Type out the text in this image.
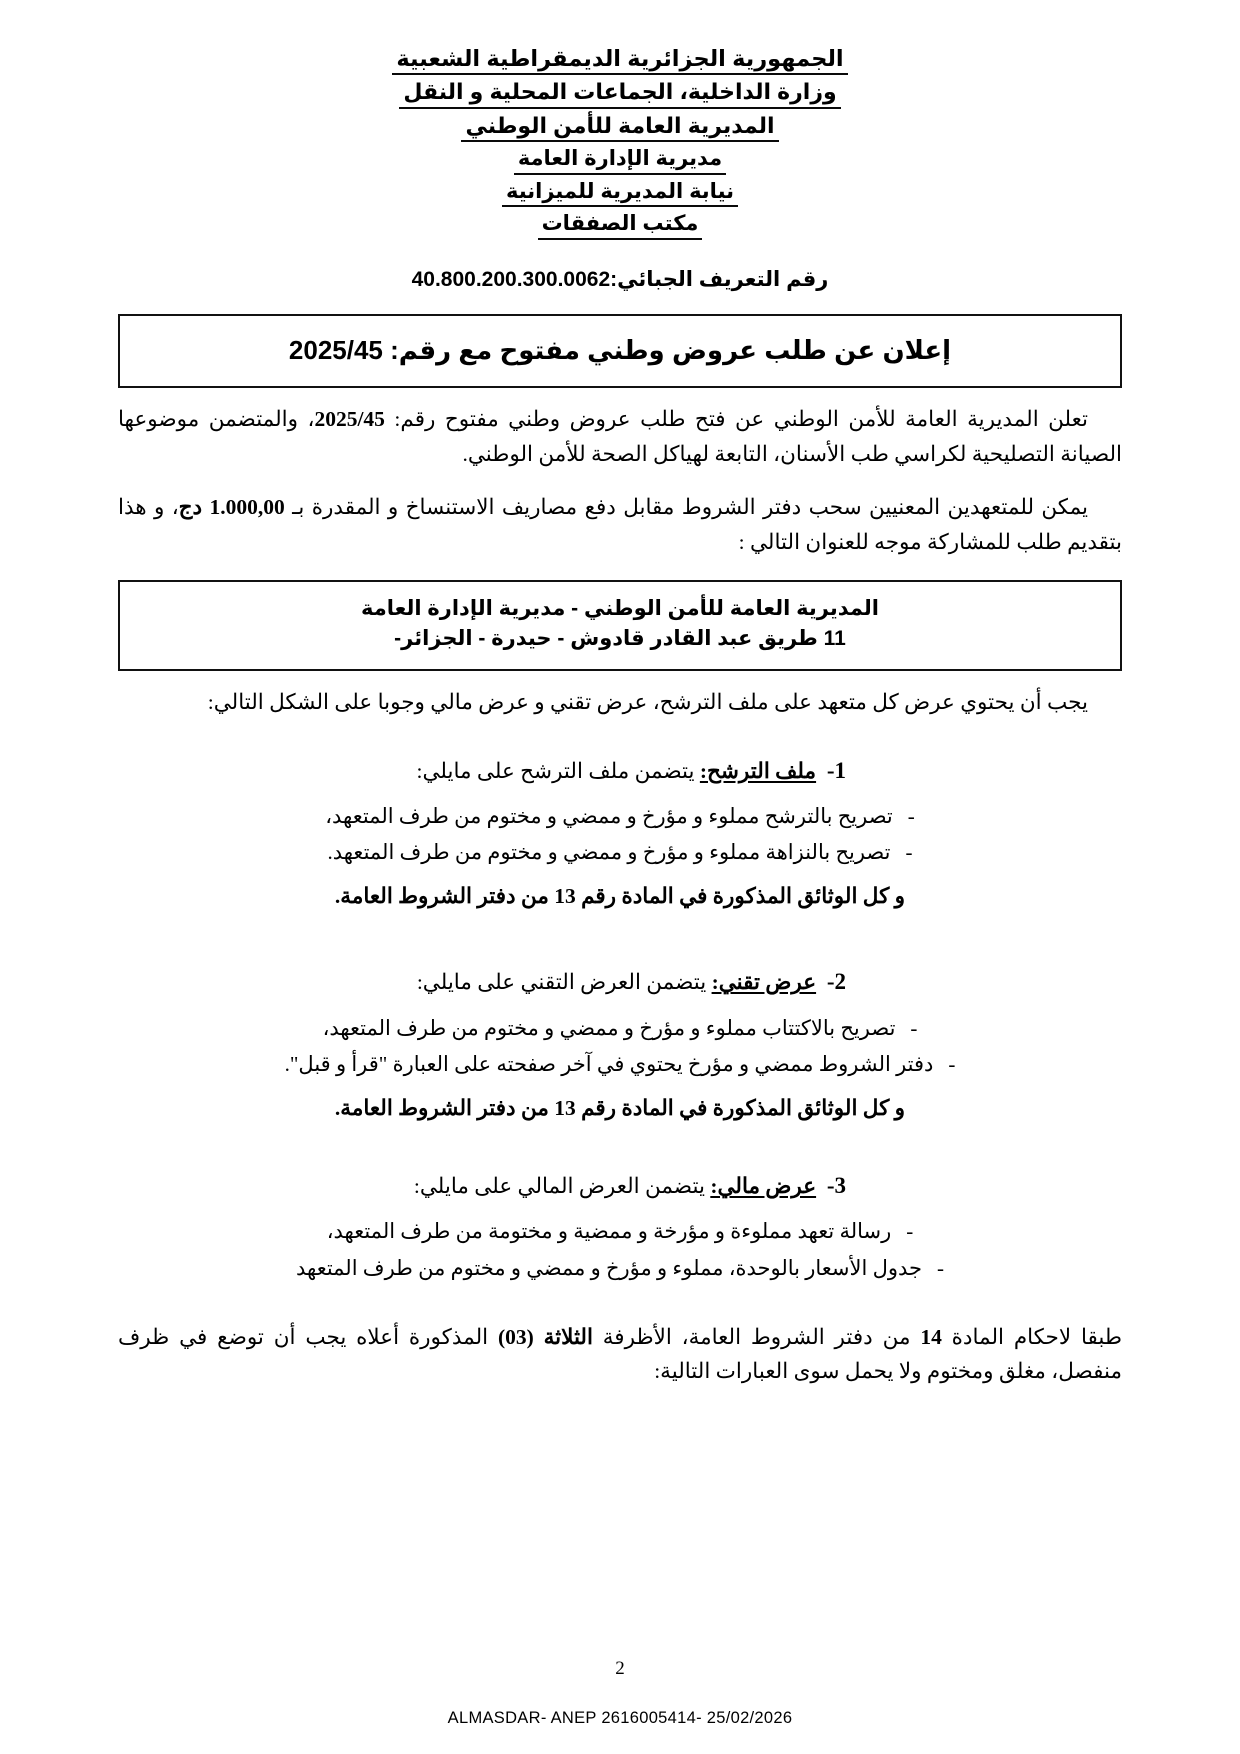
الجمهورية الجزائرية الديمقراطية الشعبية
وزارة الداخلية، الجماعات المحلية و النقل
المديرية العامة للأمن الوطني
مديرية الإدارة العامة
نيابة المديرية للميزانية
مكتب الصفقات
رقم التعريف الجبائي:40.800.200.300.0062
إعلان عن طلب عروض وطني مفتوح مع رقم: 2025/45

تعلن المديرية العامة للأمن الوطني عن فتح طلب عروض وطني مفتوح رقم: 2025/45، والمتضمن موضوعها الصيانة التصليحية لكراسي طب الأسنان، التابعة لهياكل الصحة للأمن الوطني.

يمكن للمتعهدين المعنيين سحب دفتر الشروط مقابل دفع مصاريف الاستنساخ و المقدرة بـ 1.000,00 دج، و هذا بتقديم طلب للمشاركة موجه للعنوان التالي :

المديرية العامة للأمن الوطني - مديرية الإدارة العامة
11 طريق عبد القادر قادوش - حيدرة - الجزائر-

يجب أن يحتوي عرض كل متعهد على ملف الترشح، عرض تقني و عرض مالي وجوبا على الشكل التالي:

1-  ملف الترشح: يتضمن ملف الترشح على مايلي:
-تصريح بالترشح مملوء و مؤرخ و ممضي و مختوم من طرف المتعهد،
-تصريح بالنزاهة مملوء و مؤرخ و ممضي و مختوم من طرف المتعهد.
و كل الوثائق المذكورة في المادة رقم 13 من دفتر الشروط العامة.
2-  عرض تقني: يتضمن العرض التقني على مايلي:
-تصريح بالاكتتاب مملوء و مؤرخ و ممضي و مختوم من طرف المتعهد،
-دفتر الشروط ممضي و مؤرخ يحتوي في آخر صفحته على العبارة "قرأ و قبل".
و كل الوثائق المذكورة في المادة رقم 13 من دفتر الشروط العامة.
3-  عرض مالي: يتضمن العرض المالي على مايلي:
-رسالة تعهد مملوءة و مؤرخة و ممضية و مختومة من طرف المتعهد،
-جدول الأسعار بالوحدة، مملوء و مؤرخ و ممضي و مختوم من طرف المتعهد

طبقا لاحكام المادة 14 من دفتر الشروط العامة، الأظرفة الثلاثة (03) المذكورة أعلاه يجب أن توضع في ظرف منفصل، مغلق ومختوم ولا يحمل سوى العبارات التالية:

2
ALMASDAR- ANEP 2616005414- 25/02/2026
